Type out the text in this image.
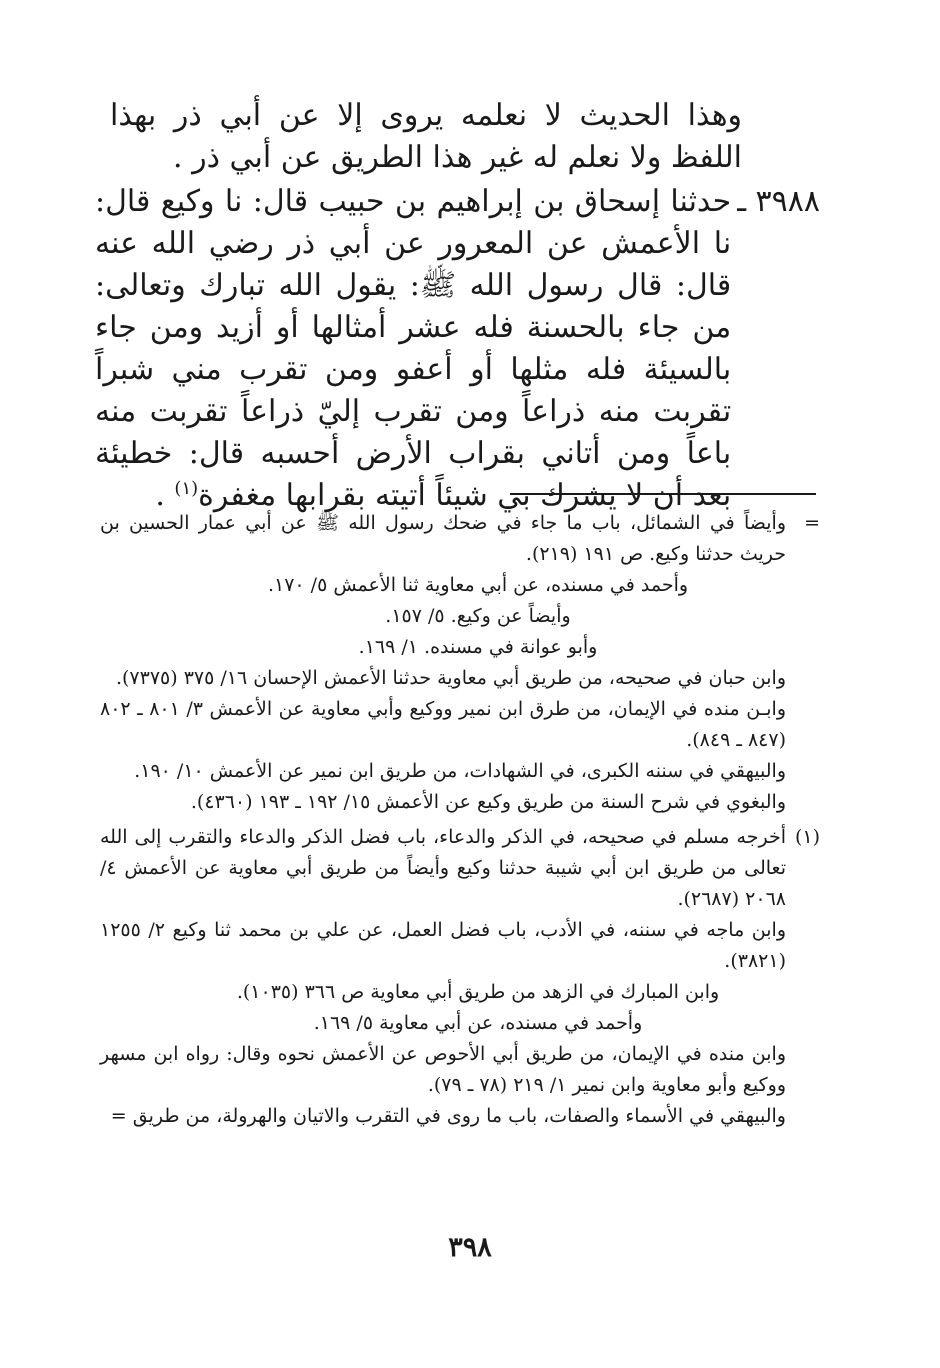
وهذا الحديث لا نعلمه يروى إلا عن أبي ذر بهذا اللفظ ولا نعلم له غير هذا الطريق عن أبي ذر .

٣٩٨٨ ـ
حدثنا إسحاق بن إبراهيم بن حبيب قال: نا وكيع قال: نا الأعمش عن المعرور عن أبي ذر رضي الله عنه قال: قال رسول الله ﷺ: يقول الله تبارك وتعالى: من جاء بالحسنة فله عشر أمثالها أو أزيد ومن جاء بالسيئة فله مثلها أو أعفو ومن تقرب مني شبراً تقربت منه ذراعاً ومن تقرب إليّ ذراعاً تقربت منه باعاً ومن أتاني بقراب الأرض أحسبه قال: خطيئة بعد أن لا يشرك بي شيئاً أتيته بقرابها مغفرة$^{(١)}$ .
=

وأيضاً في الشمائل، باب ما جاء في ضحك رسول الله ﷺ عن أبي عمار الحسين بن حريث حدثنا وكيع. ص ١٩١ (٢١٩).

وأحمد في مسنده، عن أبي معاوية ثنا الأعمش ٥/ ١٧٠.

وأيضاً عن وكيع. ٥/ ١٥٧.

وأبو عوانة في مسنده. ١/ ١٦٩.

وابن حبان في صحيحه، من طريق أبي معاوية حدثنا الأعمش الإحسان ١٦/ ٣٧٥ (٧٣٧٥).

وابـن منده في الإيمان، من طرق ابن نمير ووكيع وأبي معاوية عن الأعمش ٣/ ٨٠١ ـ ٨٠٢ (٨٤٧ ـ ٨٤٩).

والبيهقي في سننه الكبرى، في الشهادات، من طريق ابن نمير عن الأعمش ١٠/ ١٩٠.

والبغوي في شرح السنة من طريق وكيع عن الأعمش ١٥/ ١٩٢ ـ ١٩٣ (٤٣٦٠).

(١)

أخرجه مسلم في صحيحه، في الذكر والدعاء، باب فضل الذكر والدعاء والتقرب إلى الله تعالى من طريق ابن أبي شيبة حدثنا وكيع وأيضاً من طريق أبي معاوية عن الأعمش ٤/ ٢٠٦٨ (٢٦٨٧).

وابن ماجه في سننه، في الأدب، باب فضل العمل، عن علي بن محمد ثنا وكيع ٢/ ١٢٥٥ (٣٨٢١).

وابن المبارك في الزهد من طريق أبي معاوية ص ٣٦٦ (١٠٣٥).

وأحمد في مسنده، عن أبي معاوية ٥/ ١٦٩.

وابن منده في الإيمان، من طريق أبي الأحوص عن الأعمش نحوه وقال: رواه ابن مسهر ووكيع وأبو معاوية وابن نمير ١/ ٢١٩ (٧٨ ـ ٧٩).

والبيهقي في الأسماء والصفات، باب ما روى في التقرب والاتيان والهرولة، من طريق =

٣٩٨
